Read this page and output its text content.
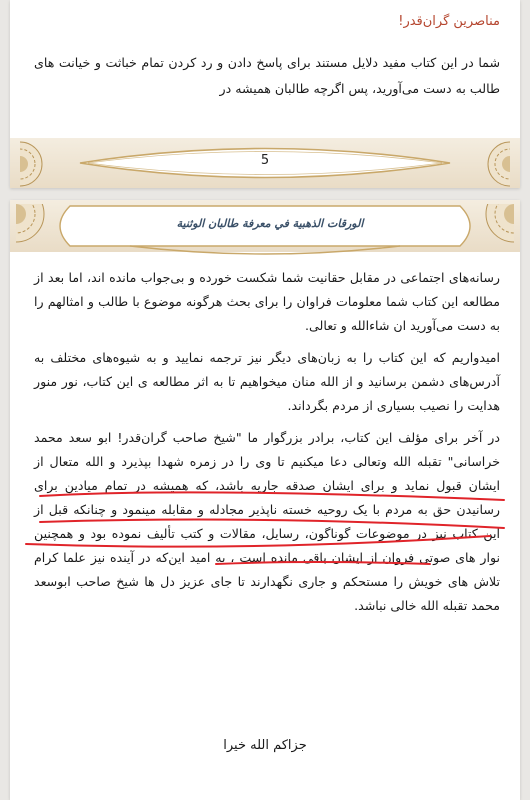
مناصرین گران‌قدر!
شما در این کتاب مفید دلایل مستند برای پاسخ دادن و رد کردن تمام خباثت و خیانت های طالب به دست می‌آورید، پس اگرچه طالبان همیشه در
5
الورقات الذهبية في معرفة طالبان الوثنية

رسانه‌های اجتماعی در مقابل حقانیت شما شکست خورده و بی‌جواب مانده اند، اما بعد از مطالعه این کتاب شما معلومات فراوان را برای بحث هرگونه موضوع با طالب و امثالهم را به دست می‌آورید ان شاءالله و تعالی.

امیدواریم که این کتاب را به زبان‌های دیگر نیز ترجمه نمایید و به شیوه‌های مختلف به آدرس‌های دشمن برسانید و از الله منان میخواهیم تا به اثر مطالعه ی این کتاب، نور منور هدایت را نصیب بسیاری از مردم بگرداند.

در آخر برای مؤلف این کتاب، برادر بزرگوار ما "شیخ صاحب گران‌قدر! ابو سعد محمد خراسانی" تقبله الله وتعالی دعا میکنیم تا وی را در زمره شهدا بپذیرد و الله متعال از ایشان قبول نماید و برای ایشان صدقه جاریه باشد، که همیشه در تمام میادین برای رسانیدن حق به مردم با یک روحیه خسته ناپذیر مجادله و مقابله مینمود و چنانکه قبل از این کتاب نیز در موضوعات گوناگون، رسایل، مقالات و کتب تألیف نموده بود و همچنین نوار های صوتی فروان از ایشان باقی مانده است ، به امید این‌که در آینده نیز علما کرام تلاش های خویش را مستحکم و جاری نگهدارند تا جای عزیز دل ها شیخ صاحب ابوسعد محمد تقبله الله خالی نباشد.

جزاکم الله خیرا
